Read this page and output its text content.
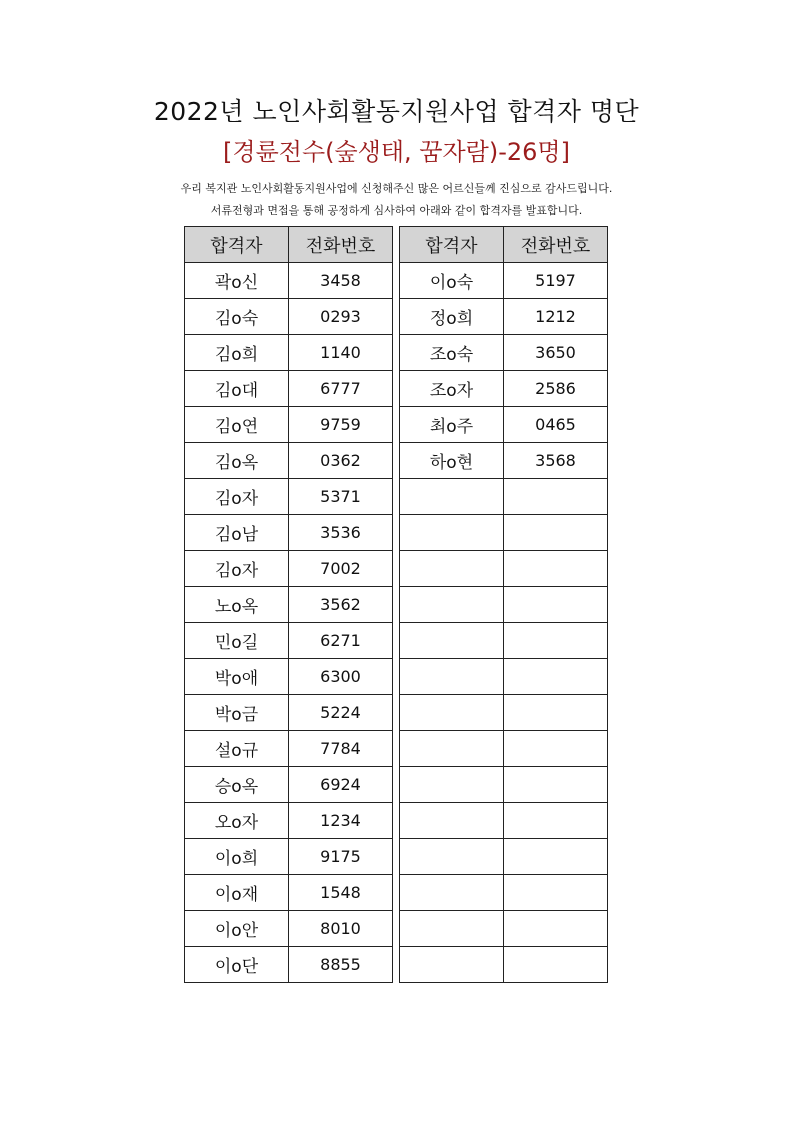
2022년 노인사회활동지원사업 합격자 명단
[경륜전수(숲생태, 꿈자람)-26명]
우리 복지관 노인사회활동지원사업에 신청해주신 많은 어르신들께 진심으로 감사드립니다.
서류전형과 면접을 통해 공정하게 심사하여 아래와 같이 합격자를 발표합니다.
합격자	전화번호
곽o신	3458
김o숙	0293
김o희	1140
김o대	6777
김o연	9759
김o옥	0362
김o자	5371
김o남	3536
김o자	7002
노o옥	3562
민o길	6271
박o애	6300
박o금	5224
설o규	7784
승o옥	6924
오o자	1234
이o희	9175
이o재	1548
이o안	8010
이o단	8855
합격자	전화번호
이o숙	5197
정o희	1212
조o숙	3650
조o자	2586
최o주	0465
하o현	3568
